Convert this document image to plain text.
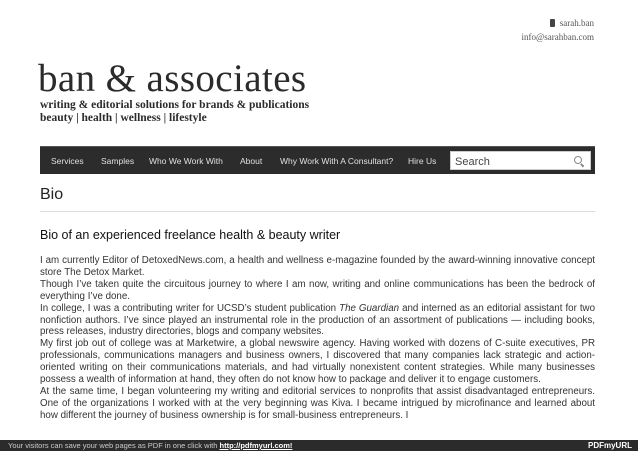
sarah.ban
info@sarahban.com
ban & associates
writing & editorial solutions for brands & publications
beauty | health | wellness | lifestyle
Services Samples Who We Work With About Why Work With A Consultant? Hire Us
Search
Bio
Bio of an experienced freelance health & beauty writer

I am currently Editor of DetoxedNews.com, a health and wellness e-magazine founded by the award-winning innovative concept store The Detox Market.

Though I’ve taken quite the circuitous journey to where I am now, writing and online communications has been the bedrock of everything I’ve done.

In college, I was a contributing writer for UCSD’s student publication The Guardian and interned as an editorial assistant for two nonfiction authors. I’ve since played an instrumental role in the production of an assortment of publications — including books, press releases, industry directories, blogs and company websites.

My first job out of college was at Marketwire, a global newswire agency. Having worked with dozens of C-suite executives, PR professionals, communications managers and business owners, I discovered that many companies lack strategic and action-oriented writing on their communications materials, and had virtually nonexistent content strategies. While many businesses possess a wealth of information at hand, they often do not know how to package and deliver it to engage customers.

At the same time, I began volunteering my writing and editorial services to nonprofits that assist disadvantaged entrepreneurs. One of the organizations I worked with at the very beginning was Kiva. I became intrigued by microfinance and learned about how different the journey of business ownership is for small-business entrepreneurs. I

Your visitors can save your web pages as PDF in one click with http://pdfmyurl.com!	PDFmyURL
